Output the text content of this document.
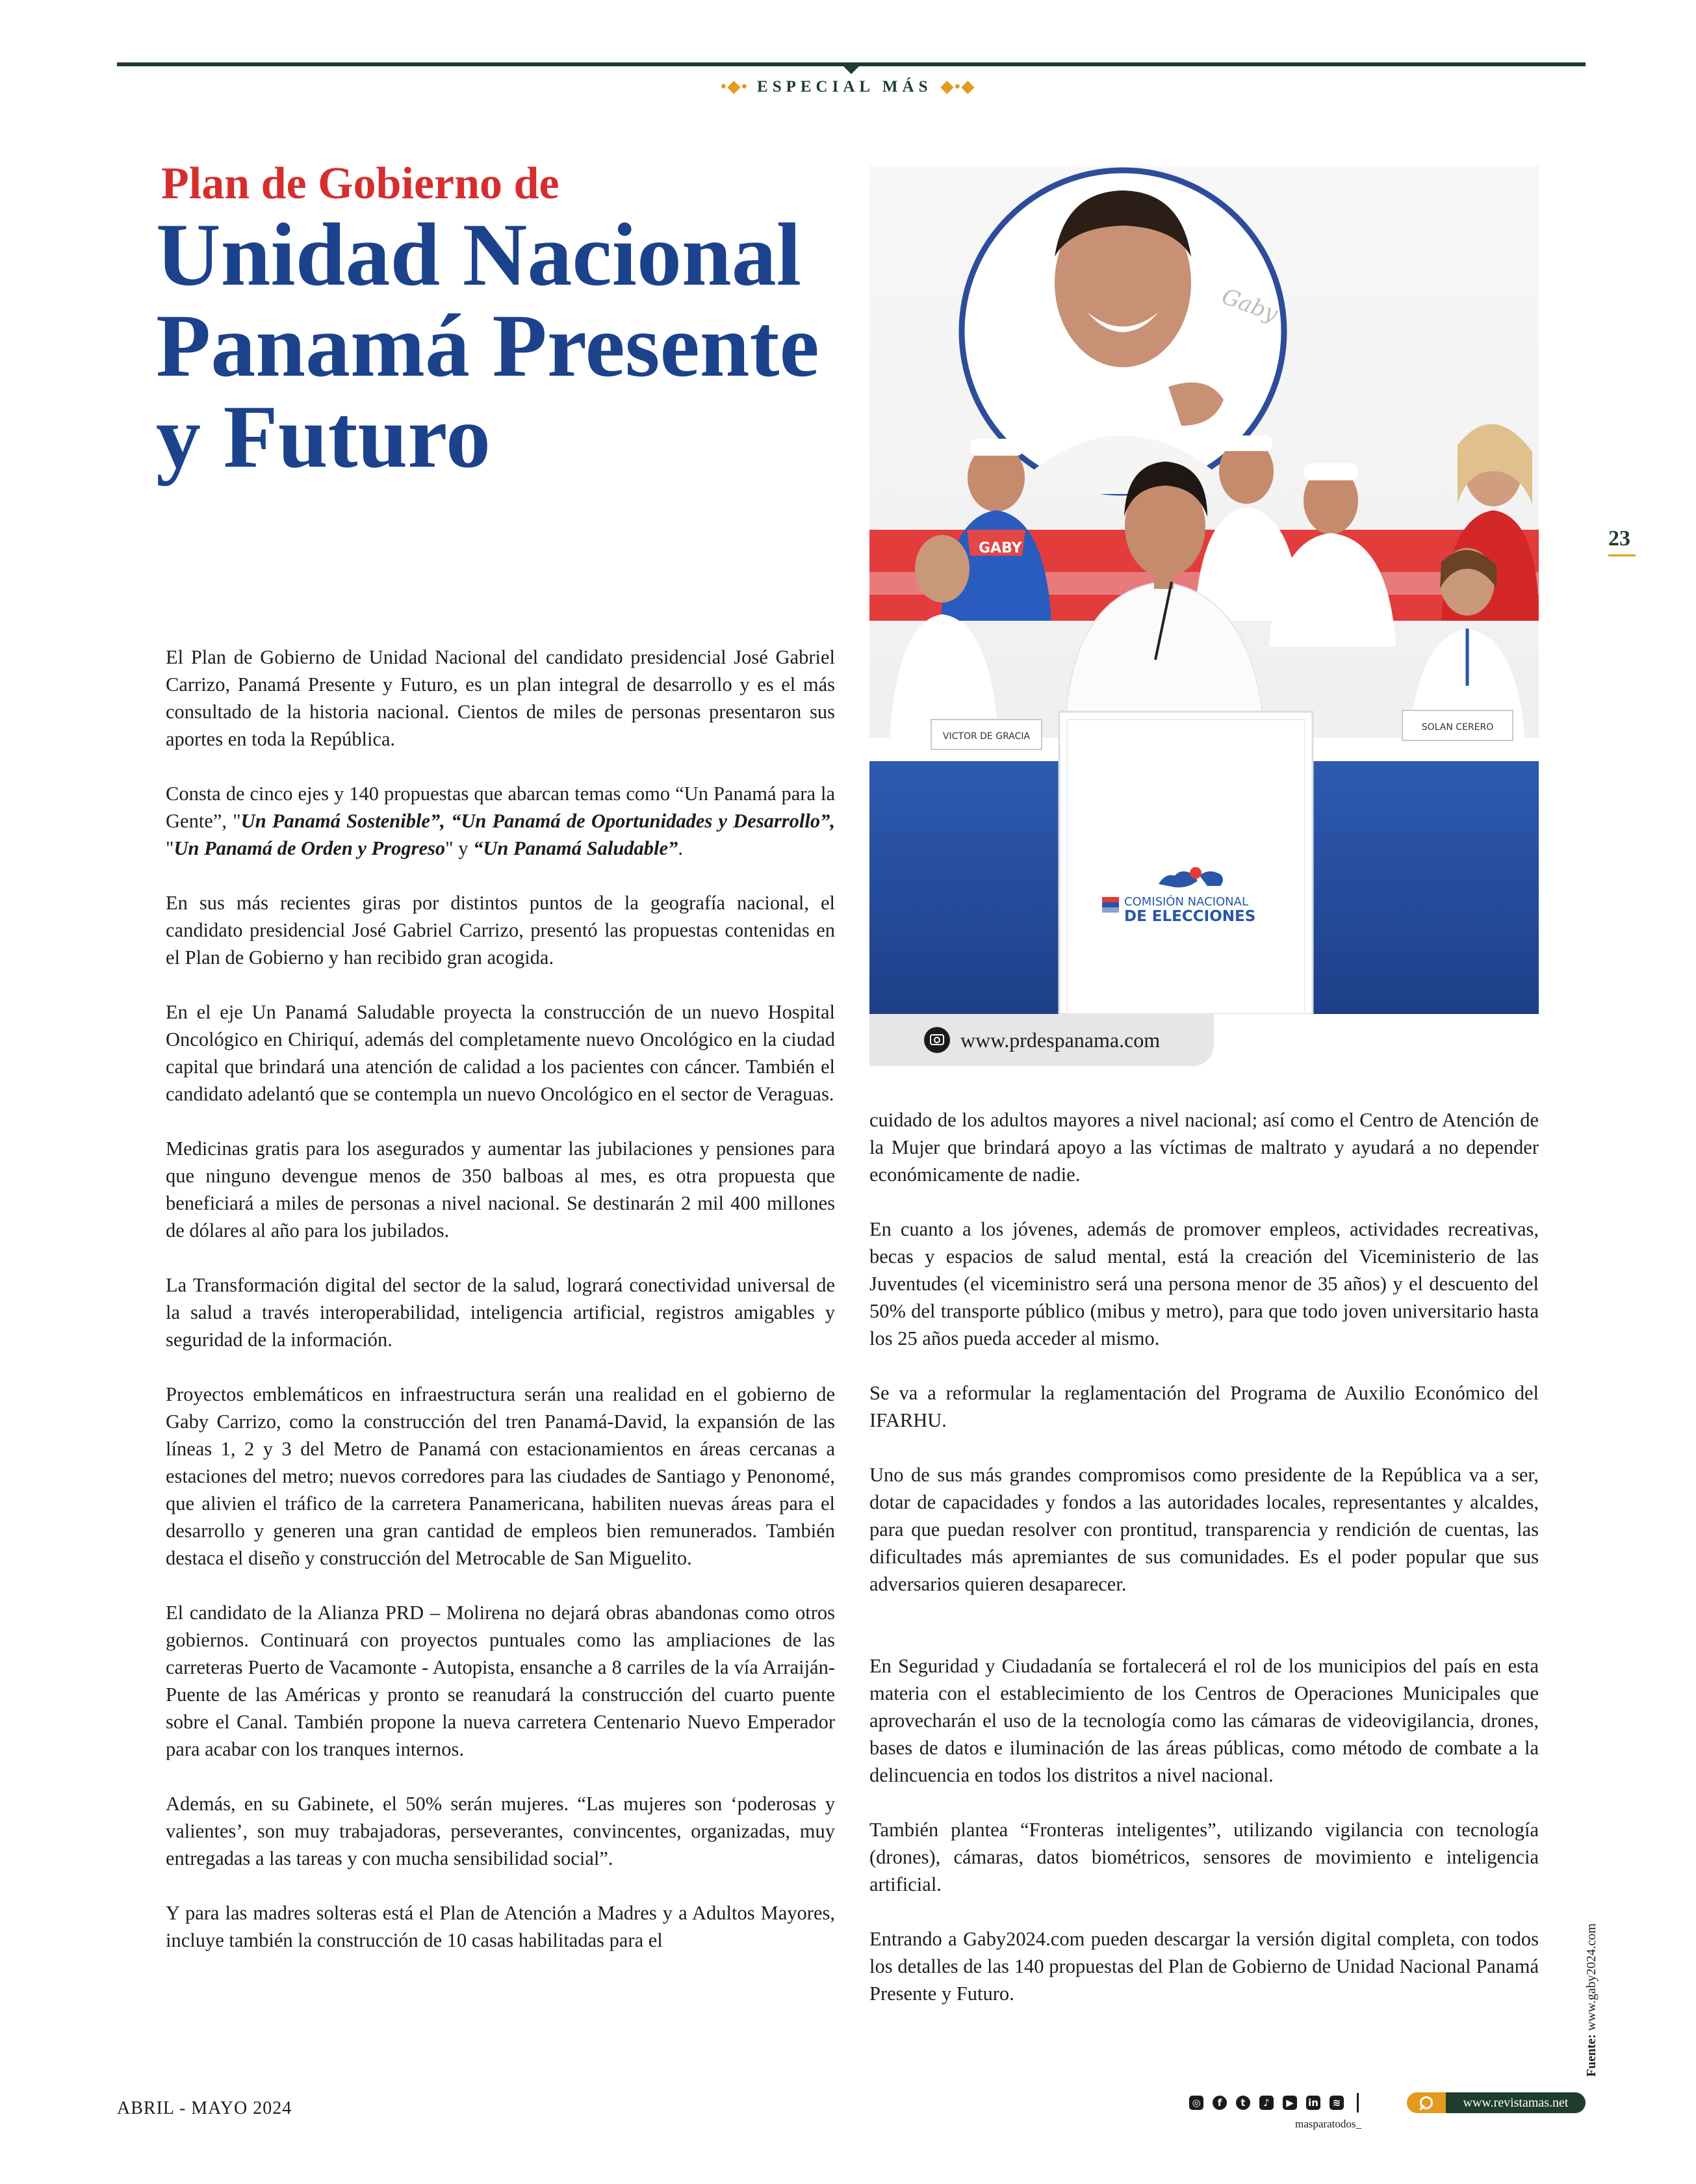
•◆• ESPECIAL MÁS ◆•◆
Plan de Gobierno de
Unidad Nacional
Panamá Presente
y Futuro

El Plan de Gobierno de Unidad Nacional del candidato presidencial José Gabriel Carrizo, Panamá Presente y Futuro, es un plan integral de desarrollo y es el más consultado de la historia nacional. Cientos de miles de personas presentaron sus aportes en toda la República.

Consta de cinco ejes y 140 propuestas que abarcan temas como “Un Panamá para la Gente”, "Un Panamá Sostenible”, “Un Panamá de Oportunidades y Desarrollo”, "Un Panamá de Orden y Progreso" y “Un Panamá Saludable”.

En sus más recientes giras por distintos puntos de la geografía nacional, el candidato presidencial José Gabriel Carrizo, presentó las propuestas contenidas en el Plan de Gobierno y han recibido gran acogida.

En el eje Un Panamá Saludable proyecta la construcción de un nuevo Hospital Oncológico en Chiriquí, además del completamente nuevo Oncológico en la ciudad capital que brindará una atención de calidad a los pacientes con cáncer. También el candidato adelantó que se contempla un nuevo Oncológico en el sector de Veraguas.

Medicinas gratis para los asegurados y aumentar las jubilaciones y pensiones para que ninguno devengue menos de 350 balboas al mes, es otra propuesta que beneficiará a miles de personas a nivel nacional. Se destinarán 2 mil 400 millones de dólares al año para los jubilados.

La Transformación digital del sector de la salud, logrará conectividad universal de la salud a través interoperabilidad, inteligencia artificial, registros amigables y seguridad de la información.

Proyectos emblemáticos en infraestructura serán una realidad en el gobierno de Gaby Carrizo, como la construcción del tren Panamá-David, la expansión de las líneas 1, 2 y 3 del Metro de Panamá con estacionamientos en áreas cercanas a estaciones del metro; nuevos corredores para las ciudades de Santiago y Penonomé, que alivien el tráfico de la carretera Panamericana, habiliten nuevas áreas para el desarrollo y generen una gran cantidad de empleos bien remunerados. También destaca el diseño y construcción del Metrocable de San Miguelito.

El candidato de la Alianza PRD – Molirena no dejará obras abandonas como otros gobiernos. Continuará con proyectos puntuales como las ampliaciones de las carreteras Puerto de Vacamonte - Autopista, ensanche a 8 carriles de la vía Arraiján-Puente de las Américas y pronto se reanudará la construcción del cuarto puente sobre el Canal. También propone la nueva carretera Centenario Nuevo Emperador para acabar con los tranques internos.

Además, en su Gabinete, el 50% serán mujeres. “Las mujeres son ‘poderosas y valientes’, son muy trabajadoras, perseverantes, convincentes, organizadas, muy entregadas a las tareas y con mucha sensibilidad social”.

Y para las madres solteras está el Plan de Atención a Madres y a Adultos Mayores, incluye también la construcción de 10 casas habilitadas para el

Gaby
GABY
VICTOR DE GRACIA
SOLAN CERERO
COMISIÓN NACIONAL
DE ELECCIONES
www.prdespanama.com

cuidado de los adultos mayores a nivel nacional; así como el Centro de Atención de la Mujer que brindará apoyo a las víctimas de maltrato y ayudará a no depender económicamente de nadie.

En cuanto a los jóvenes, además de promover empleos, actividades recreativas, becas y espacios de salud mental, está la creación del Viceministerio de las Juventudes (el viceministro será una persona menor de 35 años) y el descuento del 50% del transporte público (mibus y metro), para que todo joven universitario hasta los 25 años pueda acceder al mismo.

Se va a reformular la reglamentación del Programa de Auxilio Económico del IFARHU.

Uno de sus más grandes compromisos como presidente de la República va a ser, dotar de capacidades y fondos a las autoridades locales, representantes y alcaldes, para que puedan resolver con prontitud, transparencia y rendición de cuentas, las dificultades más apremiantes de sus comunidades. Es el poder popular que sus adversarios quieren desaparecer.

En Seguridad y Ciudadanía se fortalecerá el rol de los municipios del país en esta materia con el establecimiento de los Centros de Operaciones Municipales que aprovecharán el uso de la tecnología como las cámaras de videovigilancia, drones, bases de datos e iluminación de las áreas públicas, como método de combate a la delincuencia en todos los distritos a nivel nacional.

También plantea “Fronteras inteligentes”, utilizando vigilancia con tecnología (drones), cámaras, datos biométricos, sensores de movimiento e inteligencia artificial.

Entrando a Gaby2024.com pueden descargar la versión digital completa, con todos los detalles de las 140 propuestas del Plan de Gobierno de Unidad Nacional Panamá Presente y Futuro.

23
Fuente: www.gaby2024.com
ABRIL - MAYO 2024	◎	f	t	♪	▶	in	≋
masparatodos_
www.revistamas.net
